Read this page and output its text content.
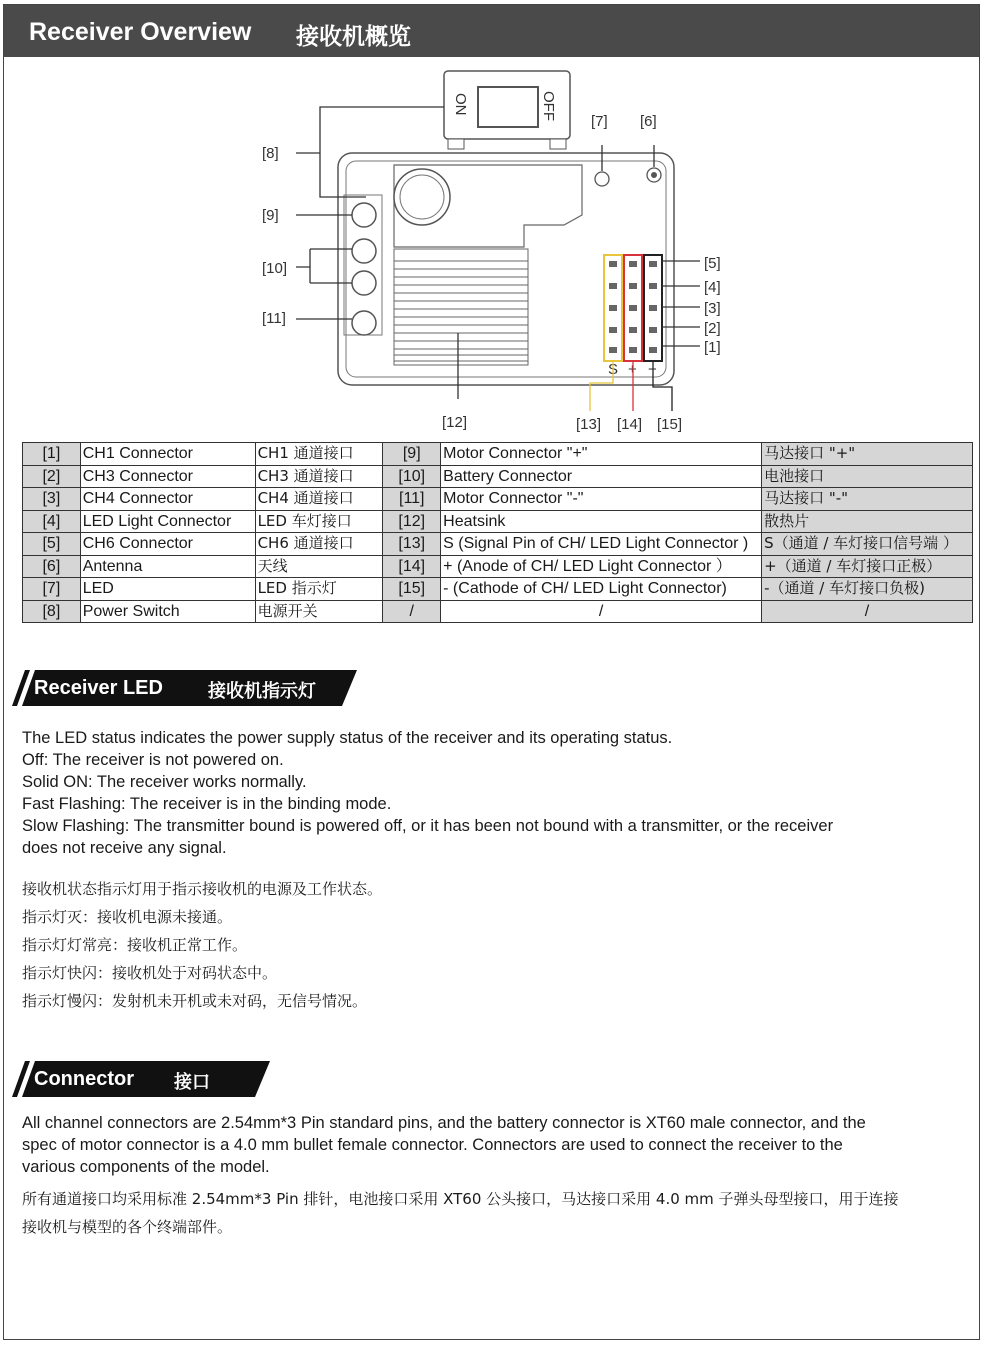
Receiver Overview 接收机概览
ON	OFF
S + −
[8]
[9]
[10]
[11]
[7] [6]
[5]
[4]
[3]
[2]
[1]
[12]	[13] [14] [15]
[1]	CH1 Connector	CH1 通道接口	[9]	Motor Connector "+"	马达接口 "+"
[2]	CH3 Connector	CH3 通道接口	[10]	Battery Connector	电池接口
[3]	CH4 Connector	CH4 通道接口	[11]	Motor Connector "-"	马达接口 "-"
[4]	LED Light Connector	LED 车灯接口	[12]	Heatsink	散热片
[5]	CH6 Connector	CH6 通道接口	[13]	S (Signal Pin of CH/ LED Light Connector )	S（通道 / 车灯接口信号端 ）
[6]	Antenna	天线	[14]	+ (Anode of CH/ LED Light Connector ）	+（通道 / 车灯接口正极）
[7]	LED	LED 指示灯	[15]	- (Cathode of CH/ LED Light Connector)	-（通道 / 车灯接口负极)
[8]	Power Switch	电源开关	/	/	/
Receiver LED	接收机指示灯
The LED status indicates the power supply status of the receiver and its operating status.
Off: The receiver is not powered on.
Solid ON: The receiver works normally.
Fast Flashing: The receiver is in the binding mode.
Slow Flashing: The transmitter bound is powered off, or it has been not bound with a transmitter, or the receiver
does not receive any signal.
接收机状态指示灯用于指示接收机的电源及工作状态。
指示灯灭：接收机电源未接通。
指示灯灯常亮：接收机正常工作。
指示灯快闪：接收机处于对码状态中。
指示灯慢闪：发射机未开机或未对码，无信号情况。
Connector 接口
All channel connectors are 2.54mm*3 Pin standard pins, and the battery connector is XT60 male connector, and the
spec of motor connector is a 4.0 mm bullet female connector. Connectors are used to connect the receiver to the
various components of the model.
所有通道接口均采用标准 2.54mm*3 Pin 排针，电池接口采用 XT60 公头接口，马达接口采用 4.0 mm 子弹头母型接口，用于连接
接收机与模型的各个终端部件。
